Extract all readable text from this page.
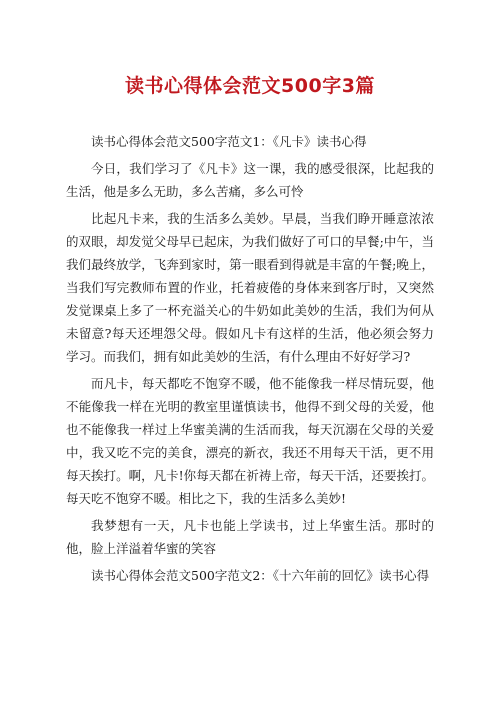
读书心得体会范文500字3篇

读书心得体会范文500字范文1：《凡卡》读书心得

今日，我们学习了《凡卡》这一课，我的感受很深，比起我的生活，他是多么无助，多么苦痛，多么可怜

比起凡卡来，我的生活多么美妙。早晨，当我们睁开睡意浓浓的双眼，却发觉父母早已起床，为我们做好了可口的早餐;中午，当我们最终放学，飞奔到家时，第一眼看到得就是丰富的午餐;晚上，当我们写完教师布置的作业，托着疲倦的身体来到客厅时，又突然发觉课桌上多了一杯充溢关心的牛奶如此美妙的生活，我们为何从未留意?每天还埋怨父母。假如凡卡有这样的生活，他必须会努力学习。而我们，拥有如此美妙的生活，有什么理由不好好学习?

而凡卡，每天都吃不饱穿不暖，他不能像我一样尽情玩耍，他不能像我一样在光明的教室里谨慎读书，他得不到父母的关爱，他也不能像我一样过上华蜜美满的生活而我，每天沉溺在父母的关爱中，我又吃不完的美食，漂亮的新衣，我还不用每天干活，更不用每天挨打。啊，凡卡!你每天都在祈祷上帝，每天干活，还要挨打。每天吃不饱穿不暖。相比之下，我的生活多么美妙!

我梦想有一天，凡卡也能上学读书，过上华蜜生活。那时的他，脸上洋溢着华蜜的笑容

读书心得体会范文500字范文2：《十六年前的回忆》读书心得
